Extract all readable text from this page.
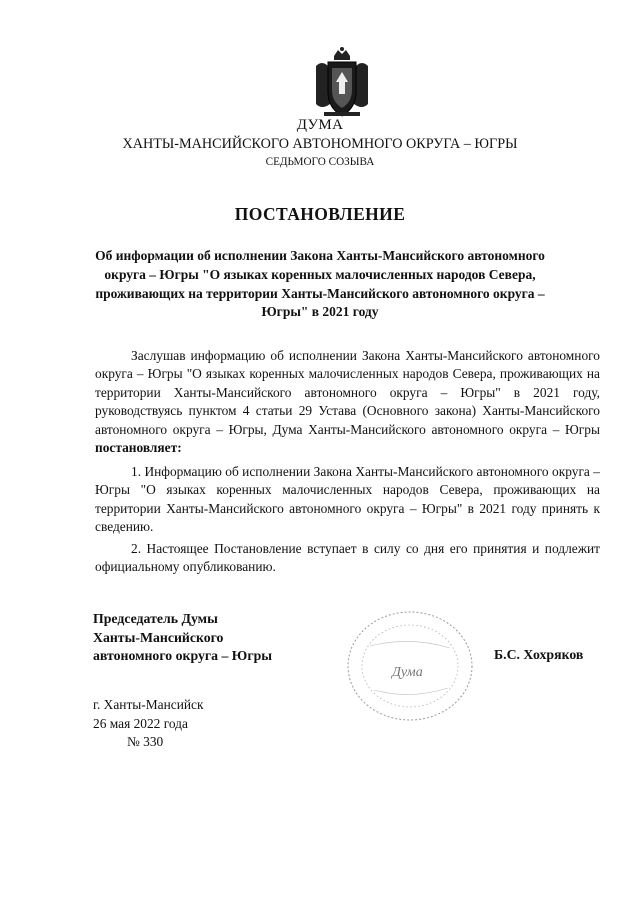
ДУМА
ХАНТЫ-МАНСИЙСКОГО АВТОНОМНОГО ОКРУГА – ЮГРЫ
СЕДЬМОГО СОЗЫВА
ПОСТАНОВЛЕНИЕ
Об информации об исполнении Закона Ханты-Мансийского автономного округа – Югры "О языках коренных малочисленных народов Севера, проживающих на территории Ханты-Мансийского автономного округа – Югры" в 2021 году
Заслушав информацию об исполнении Закона Ханты-Мансийского автономного округа – Югры "О языках коренных малочисленных народов Севера, проживающих на территории Ханты-Мансийского автономного округа – Югры" в 2021 году, руководствуясь пунктом 4 статьи 29 Устава (Основного закона) Ханты-Мансийского автономного округа – Югры, Дума Ханты-Мансийского автономного округа – Югры постановляет:
1. Информацию об исполнении Закона Ханты-Мансийского автономного округа – Югры "О языках коренных малочисленных народов Севера, проживающих на территории Ханты-Мансийского автономного округа – Югры" в 2021 году принять к сведению.
2. Настоящее Постановление вступает в силу со дня его принятия и подлежит официальному опубликованию.
Председатель Думы
Ханты-Мансийского
автономного округа – Югры
Дума
Б.С. Хохряков
г. Ханты-Мансийск
26 мая 2022 года
№ 330
